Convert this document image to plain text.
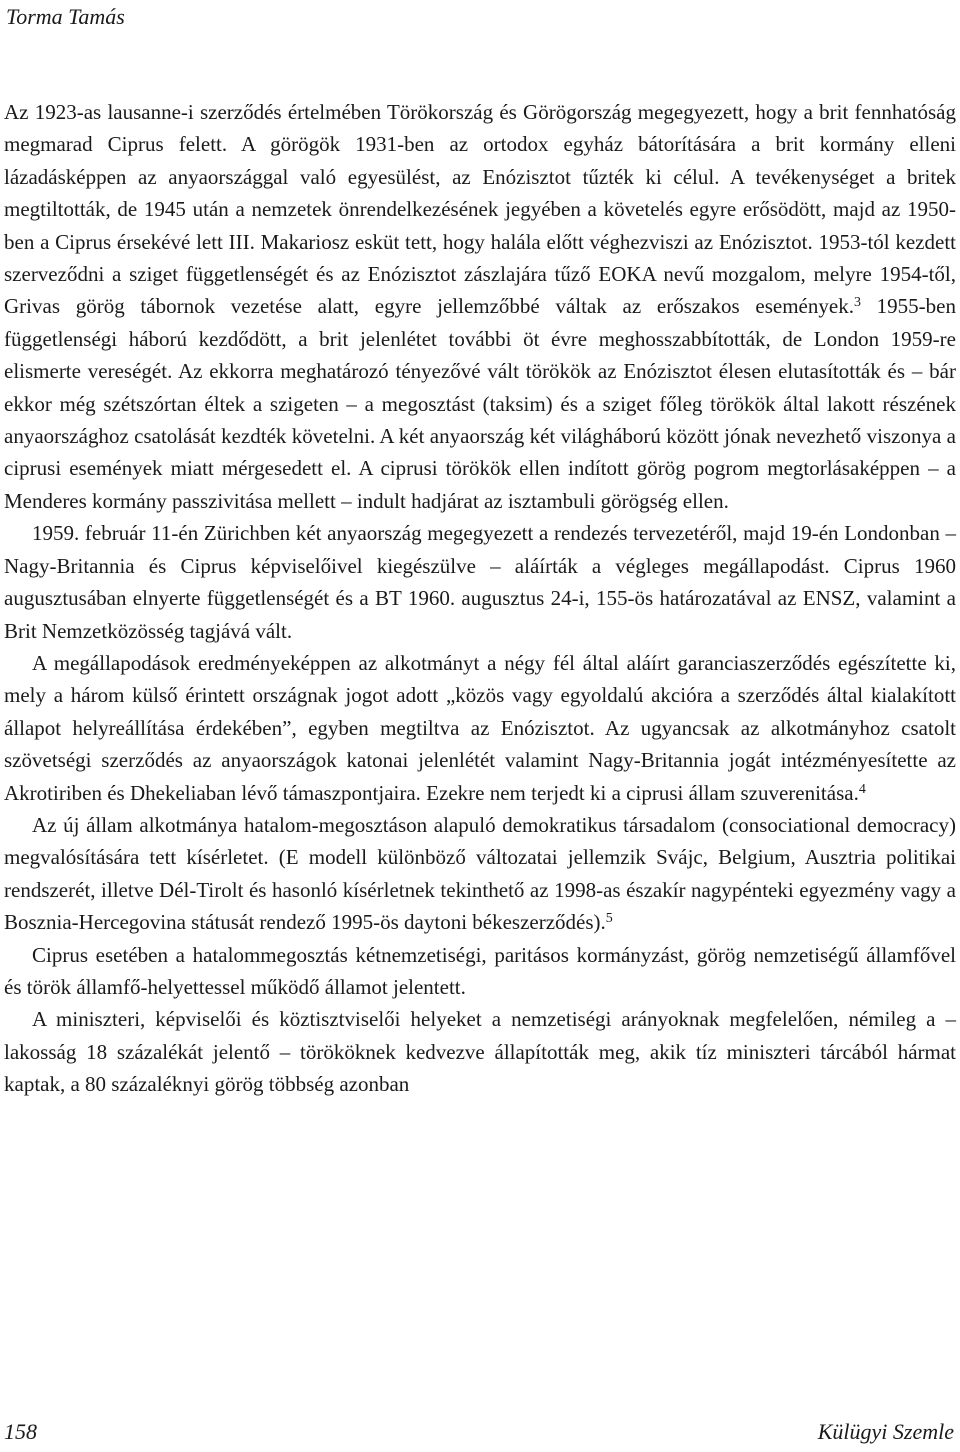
Torma Tamás

Az 1923-as lausanne-i szerződés értelmében Törökország és Görögország megegyezett, hogy a brit fennhatóság megmarad Ciprus felett. A görögök 1931-ben az ortodox egyház bátorítására a brit kormány elleni lázadásképpen az anyaországgal való egyesülést, az Enózisztot tűzték ki célul. A tevékenységet a britek megtiltották, de 1945 után a nemzetek önrendelkezésének jegyében a követelés egyre erősödött, majd az 1950-ben a Ciprus érsekévé lett III. Makariosz esküt tett, hogy halála előtt véghezviszi az Enózisztot. 1953-tól kezdett szerveződni a sziget függetlenségét és az Enózisztot zászlajára tűző EOKA nevű mozgalom, melyre 1954-től, Grivas görög tábornok vezetése alatt, egyre jellemzőbbé váltak az erőszakos események.$^3$ 1955-ben függetlenségi háború kezdődött, a brit jelenlétet további öt évre meghosszabbították, de London 1959-re elismerte vereségét. Az ekkorra meghatározó tényezővé vált törökök az Enózisztot élesen elutasították és – bár ekkor még szétszórtan éltek a szigeten – a megosztást (taksim) és a sziget főleg törökök által lakott részének anyaországhoz csatolását kezdték követelni. A két anyaország két világháború között jónak nevezhető viszonya a ciprusi események miatt mérgesedett el. A ciprusi törökök ellen indított görög pogrom megtorlásaképpen – a Menderes kormány passzivitása mellett – indult hadjárat az isztambuli görögség ellen.

1959. február 11-én Zürichben két anyaország megegyezett a rendezés tervezetéről, majd 19-én Londonban – Nagy-Britannia és Ciprus képviselőivel kiegészülve – aláírták a végleges megállapodást. Ciprus 1960 augusztusában elnyerte függetlenségét és a BT 1960. augusztus 24-i, 155-ös határozatával az ENSZ, valamint a Brit Nemzetközösség tagjává vált.

A megállapodások eredményeképpen az alkotmányt a négy fél által aláírt garanciaszerződés egészítette ki, mely a három külső érintett országnak jogot adott „közös vagy egyoldalú akcióra a szerződés által kialakított állapot helyreállítása érdekében”, egyben megtiltva az Enózisztot. Az ugyancsak az alkotmányhoz csatolt szövetségi szerződés az anyaországok katonai jelenlétét valamint Nagy-Britannia jogát intézményesítette az Akrotiriben és Dhekeliaban lévő támaszpontjaira. Ezekre nem terjedt ki a ciprusi állam szuverenitása.$^4$

Az új állam alkotmánya hatalom-megosztáson alapuló demokratikus társadalom (consociational democracy) megvalósítására tett kísérletet. (E modell különböző változatai jellemzik Svájc, Belgium, Ausztria politikai rendszerét, illetve Dél-Tirolt és hasonló kísérletnek tekinthető az 1998-as északír nagypénteki egyezmény vagy a Bosznia-Hercegovina státusát rendező 1995-ös daytoni békeszerződés).$^5$

Ciprus esetében a hatalommegosztás kétnemzetiségi, paritásos kormányzást, görög nemzetiségű államfővel és török államfő-helyettessel működő államot jelentett.

A miniszteri, képviselői és köztisztviselői helyeket a nemzetiségi arányoknak megfelelően, némileg a – lakosság 18 százalékát jelentő – törököknek kedvezve állapították meg, akik tíz miniszteri tárcából hármat kaptak, a 80 százaléknyi görög többség azonban

158	Külügyi Szemle
